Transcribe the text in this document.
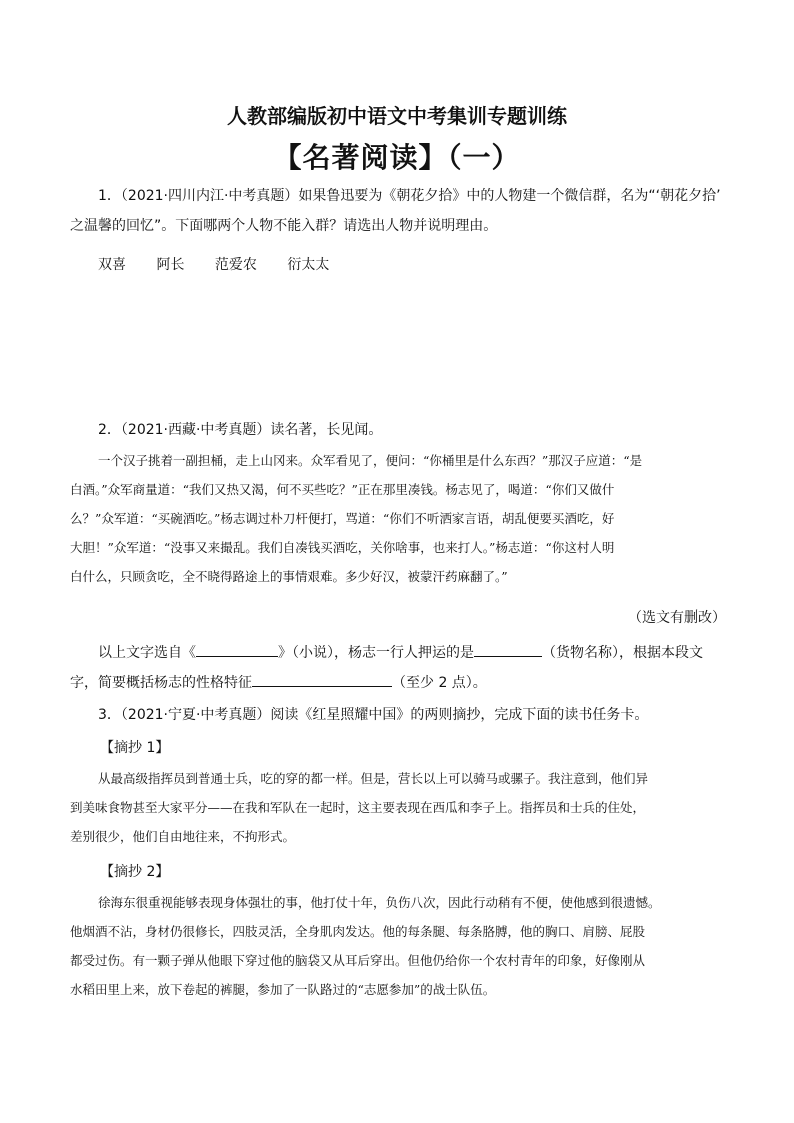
人教部编版初中语文中考集训专题训练
【名著阅读】（一）
1．（2021·四川内江·中考真题）如果鲁迅要为《朝花夕拾》中的人物建一个微信群，名为“‘朝花夕拾’
之温馨的回忆”。下面哪两个人物不能入群？请选出人物并说明理由。
双喜 阿长 范爱农 衍太太
2．（2021·西藏·中考真题）读名著，长见闻。
一个汉子挑着一副担桶，走上山冈来。众军看见了，便问：“你桶里是什么东西？”那汉子应道：“是
白酒。”众军商量道：“我们又热又渴，何不买些吃？”正在那里凑钱。杨志见了，喝道：“你们又做什
么？”众军道：“买碗酒吃。”杨志调过朴刀杆便打，骂道：“你们不听洒家言语，胡乱便要买酒吃，好
大胆！”众军道：“没事又来撮乱。我们自凑钱买酒吃，关你啥事，也来打人。”杨志道：“你这村人明
白什么，只顾贪吃，全不晓得路途上的事情艰难。多少好汉，被蒙汗药麻翻了。”
（选文有删改）
以上文字选自《	》（小说），杨志一行人押运的是	（货物名称），根据本段文
字，简要概括杨志的性格特征	（至少 2 点）。
3．（2021·宁夏·中考真题）阅读《红星照耀中国》的两则摘抄，完成下面的读书任务卡。
【摘抄 1】
从最高级指挥员到普通士兵，吃的穿的都一样。但是，营长以上可以骑马或骡子。我注意到，他们异
到美味食物甚至大家平分——在我和军队在一起时，这主要表现在西瓜和李子上。指挥员和士兵的住处，
差别很少，他们自由地往来，不拘形式。
【摘抄 2】
徐海东很重视能够表现身体强壮的事，他打仗十年，负伤八次，因此行动稍有不便，使他感到很遗憾。
他烟酒不沾，身材仍很修长，四肢灵活，全身肌肉发达。他的每条腿、每条胳膊，他的胸口、肩膀、屁股
都受过伤。有一颗子弹从他眼下穿过他的脑袋又从耳后穿出。但他仍给你一个农村青年的印象，好像刚从
水稻田里上来，放下卷起的裤腿，参加了一队路过的“志愿参加”的战士队伍。
